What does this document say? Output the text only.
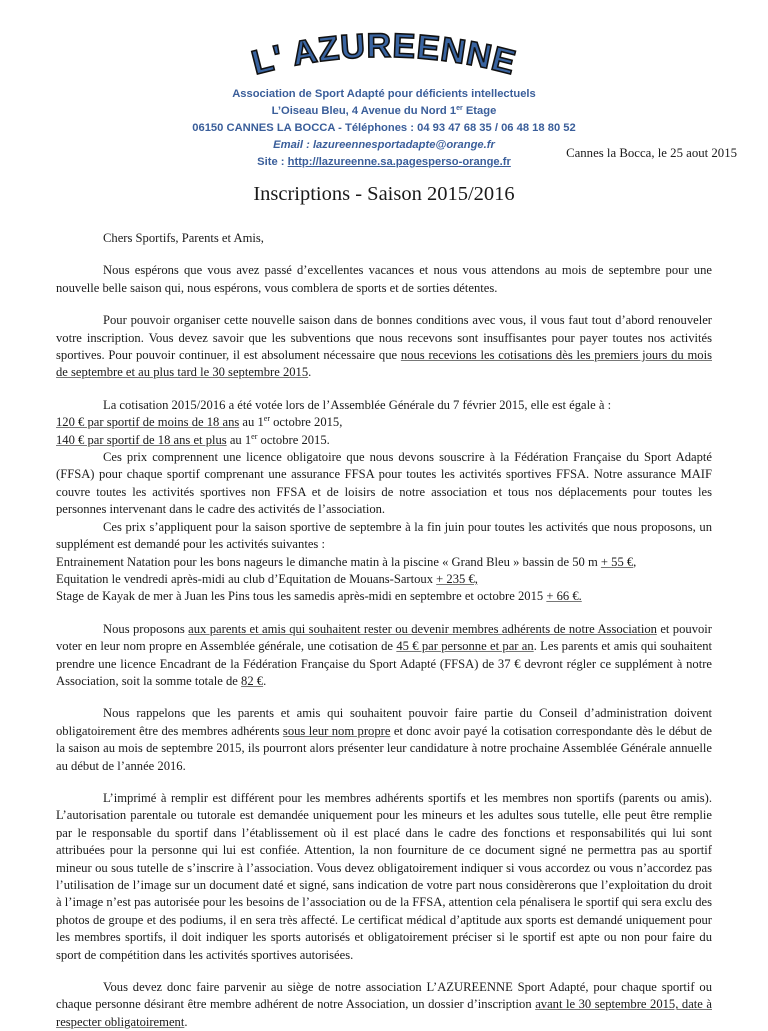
L' AZUREENNE
Association de Sport Adapté pour déficients intellectuels
L’Oiseau Bleu, 4 Avenue du Nord 1er Etage
06150 CANNES LA BOCCA - Téléphones : 04 93 47 68 35 / 06 48 18 80 52
Email : lazureennesportadapte@orange.fr
Site : http://lazureenne.sa.pagesperso-orange.fr
Cannes la Bocca, le 25 aout 2015
Inscriptions - Saison 2015/2016

Chers Sportifs, Parents et Amis,

Nous espérons que vous avez passé d’excellentes vacances et nous vous attendons au mois de septembre pour une nouvelle belle saison qui, nous espérons, vous comblera de sports et de sorties détentes.

Pour pouvoir organiser cette nouvelle saison dans de bonnes conditions avec vous, il vous faut tout d’abord renouveler votre inscription. Vous devez savoir que les subventions que nous recevons sont insuffisantes pour payer toutes nos activités sportives. Pour pouvoir continuer, il est absolument nécessaire que nous recevions les cotisations dès les premiers jours du mois de septembre et au plus tard le 30 septembre 2015.

La cotisation 2015/2016 a été votée lors de l’Assemblée Générale du 7 février 2015, elle est égale à :

120 € par sportif de moins de 18 ans au 1er octobre 2015,

140 € par sportif de 18 ans et plus au 1er octobre 2015.

Ces prix comprennent une licence obligatoire que nous devons souscrire à la Fédération Française du Sport Adapté (FFSA) pour chaque sportif comprenant une assurance FFSA pour toutes les activités sportives FFSA. Notre assurance MAIF couvre toutes les activités sportives non FFSA et de loisirs de notre association et tous nos déplacements pour toutes les personnes intervenant dans le cadre des activités de l’association.

Ces prix s’appliquent pour la saison sportive de septembre à la fin juin pour toutes les activités que nous proposons, un supplément est demandé pour les activités suivantes :

Entrainement Natation pour les bons nageurs le dimanche matin à la piscine « Grand Bleu » bassin de 50 m + 55 €,

Equitation le vendredi après-midi au club d’Equitation de Mouans-Sartoux + 235 €,

Stage de Kayak de mer à Juan les Pins tous les samedis après-midi en septembre et octobre 2015 + 66 €.

Nous proposons aux parents et amis qui souhaitent rester ou devenir membres adhérents de notre Association et pouvoir voter en leur nom propre en Assemblée générale, une cotisation de 45 € par personne et par an. Les parents et amis qui souhaitent prendre une licence Encadrant de la Fédération Française du Sport Adapté (FFSA) de 37 € devront régler ce supplément à notre Association, soit la somme totale de 82 €.

Nous rappelons que les parents et amis qui souhaitent pouvoir faire partie du Conseil d’administration doivent obligatoirement être des membres adhérents sous leur nom propre et donc avoir payé la cotisation correspondante dès le début de la saison au mois de septembre 2015, ils pourront alors présenter leur candidature à notre prochaine Assemblée Générale annuelle au début de l’année 2016.

L’imprimé à remplir est différent pour les membres adhérents sportifs et les membres non sportifs (parents ou amis). L’autorisation parentale ou tutorale est demandée uniquement pour les mineurs et les adultes sous tutelle, elle peut être remplie par le responsable du sportif dans l’établissement où il est placé dans le cadre des fonctions et responsabilités qui lui sont attribuées pour la personne qui lui est confiée. Attention, la non fourniture de ce document signé ne permettra pas au sportif mineur ou sous tutelle de s’inscrire à l’association. Vous devez obligatoirement indiquer si vous accordez ou vous n’accordez pas l’utilisation de l’image sur un document daté et signé, sans indication de votre part nous considèrerons que l’exploitation du droit à l’image n’est pas autorisée pour les besoins de l’association ou de la FFSA, attention cela pénalisera le sportif qui sera exclu des photos de groupe et des podiums, il en sera très affecté. Le certificat médical d’aptitude aux sports est demandé uniquement pour les membres sportifs, il doit indiquer les sports autorisés et obligatoirement préciser si le sportif est apte ou non pour faire du sport de compétition dans les activités sportives autorisées.

Vous devez donc faire parvenir au siège de notre association L’AZUREENNE Sport Adapté, pour chaque sportif ou chaque personne désirant être membre adhérent de notre Association, un dossier d’inscription avant le 30 septembre 2015, date à respecter obligatoirement.
